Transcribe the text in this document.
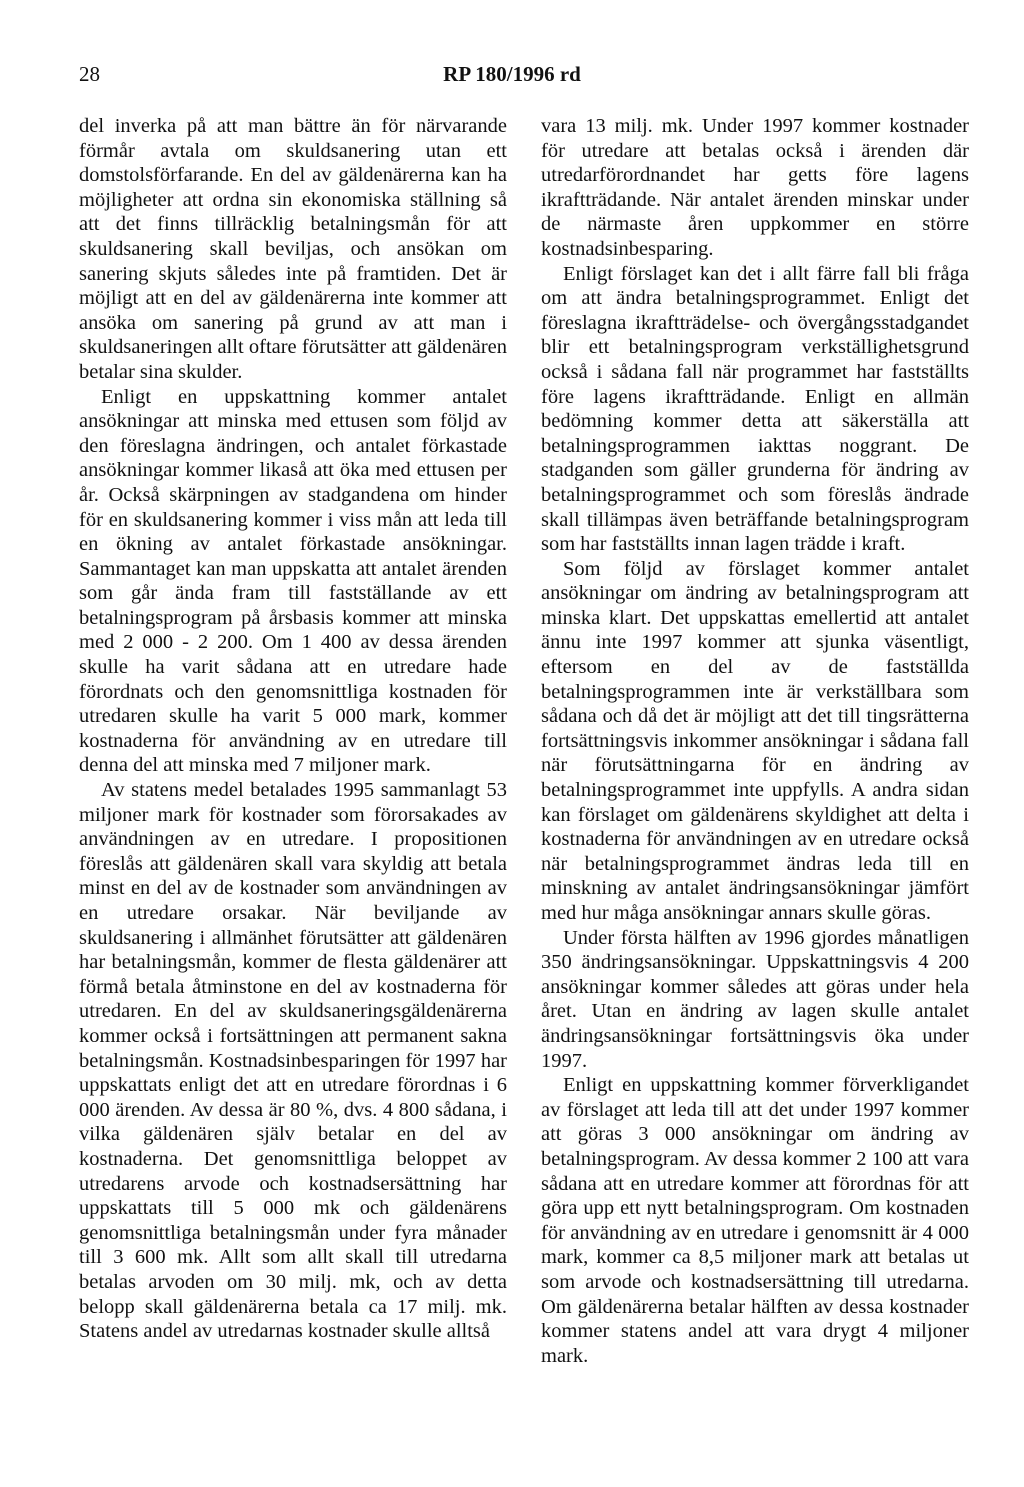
28	RP 180/1996 rd

del inverka på att man bättre än för närvarande förmår avtala om skuldsanering utan ett domstolsförfarande. En del av gäldenärerna kan ha möjligheter att ordna sin ekonomiska ställning så att det finns tillräcklig betalningsmån för att skuldsanering skall beviljas, och ansökan om sanering skjuts således inte på framtiden. Det är möjligt att en del av gäldenärerna inte kommer att ansöka om sanering på grund av att man i skuldsaneringen allt oftare förutsätter att gäldenären betalar sina skulder.

Enligt en uppskattning kommer antalet ansökningar att minska med ettusen som följd av den föreslagna ändringen, och antalet förkastade ansökningar kommer likaså att öka med ettusen per år. Också skärpningen av stadgandena om hinder för en skuldsanering kommer i viss mån att leda till en ökning av antalet förkastade ansökningar. Sammantaget kan man uppskatta att antalet ärenden som går ända fram till fastställande av ett betalningsprogram på årsbasis kommer att minska med 2 000 - 2 200. Om 1 400 av dessa ärenden skulle ha varit sådana att en utredare hade förordnats och den genomsnittliga kostnaden för utredaren skulle ha varit 5 000 mark, kommer kostnaderna för användning av en utredare till denna del att minska med 7 miljoner mark.

Av statens medel betalades 1995 sammanlagt 53 miljoner mark för kostnader som förorsakades av användningen av en utredare. I propositionen föreslås att gäldenären skall vara skyldig att betala minst en del av de kostnader som användningen av en utredare orsakar. När beviljande av skuldsanering i allmänhet förutsätter att gäldenären har betalningsmån, kommer de flesta gäldenärer att förmå betala åtminstone en del av kostnaderna för utredaren. En del av skuldsaneringsgäldenärerna kommer också i fortsättningen att permanent sakna betalningsmån. Kostnadsinbesparingen för 1997 har uppskattats enligt det att en utredare förordnas i 6 000 ärenden. Av dessa är 80 %, dvs. 4 800 sådana, i vilka gäldenären själv betalar en del av kostnaderna. Det genomsnittliga beloppet av utredarens arvode och kostnadsersättning har uppskattats till 5 000 mk och gäldenärens genomsnittliga betalningsmån under fyra månader till 3 600 mk. Allt som allt skall till utredarna betalas arvoden om 30 milj. mk, och av detta belopp skall gäldenärerna betala ca 17 milj. mk. Statens andel av utredarnas kostnader skulle alltså

vara 13 milj. mk. Under 1997 kommer kostnader för utredare att betalas också i ärenden där utredarförordnandet har getts före lagens ikraftträdande. När antalet ärenden minskar under de närmaste åren uppkommer en större kostnadsinbesparing.

Enligt förslaget kan det i allt färre fall bli fråga om att ändra betalningsprogrammet. Enligt det föreslagna ikraftträdelse- och övergångsstadgandet blir ett betalningsprogram verkställighetsgrund också i sådana fall när programmet har fastställts före lagens ikraftträdande. Enligt en allmän bedömning kommer detta att säkerställa att betalningsprogrammen iakttas noggrant. De stadganden som gäller grunderna för ändring av betalningsprogrammet och som föreslås ändrade skall tillämpas även beträffande betalningsprogram som har fastställts innan lagen trädde i kraft.

Som följd av förslaget kommer antalet ansökningar om ändring av betalningsprogram att minska klart. Det uppskattas emellertid att antalet ännu inte 1997 kommer att sjunka väsentligt, eftersom en del av de fastställda betalningsprogrammen inte är verkställbara som sådana och då det är möjligt att det till tingsrätterna fortsättningsvis inkommer ansökningar i sådana fall när förutsättningarna för en ändring av betalningsprogrammet inte uppfylls. A andra sidan kan förslaget om gäldenärens skyldighet att delta i kostnaderna för användningen av en utredare också när betalningsprogrammet ändras leda till en minskning av antalet ändringsansökningar jämfört med hur måga ansökningar annars skulle göras.

Under första hälften av 1996 gjordes månatligen 350 ändringsansökningar. Uppskattningsvis 4 200 ansökningar kommer således att göras under hela året. Utan en ändring av lagen skulle antalet ändringsansökningar fortsättningsvis öka under 1997.

Enligt en uppskattning kommer förverkligandet av förslaget att leda till att det under 1997 kommer att göras 3 000 ansökningar om ändring av betalningsprogram. Av dessa kommer 2 100 att vara sådana att en utredare kommer att förordnas för att göra upp ett nytt betalningsprogram. Om kostnaden för användning av en utredare i genomsnitt är 4 000 mark, kommer ca 8,5 miljoner mark att betalas ut som arvode och kostnadsersättning till utredarna. Om gäldenärerna betalar hälften av dessa kostnader kommer statens andel att vara drygt 4 miljoner mark.
